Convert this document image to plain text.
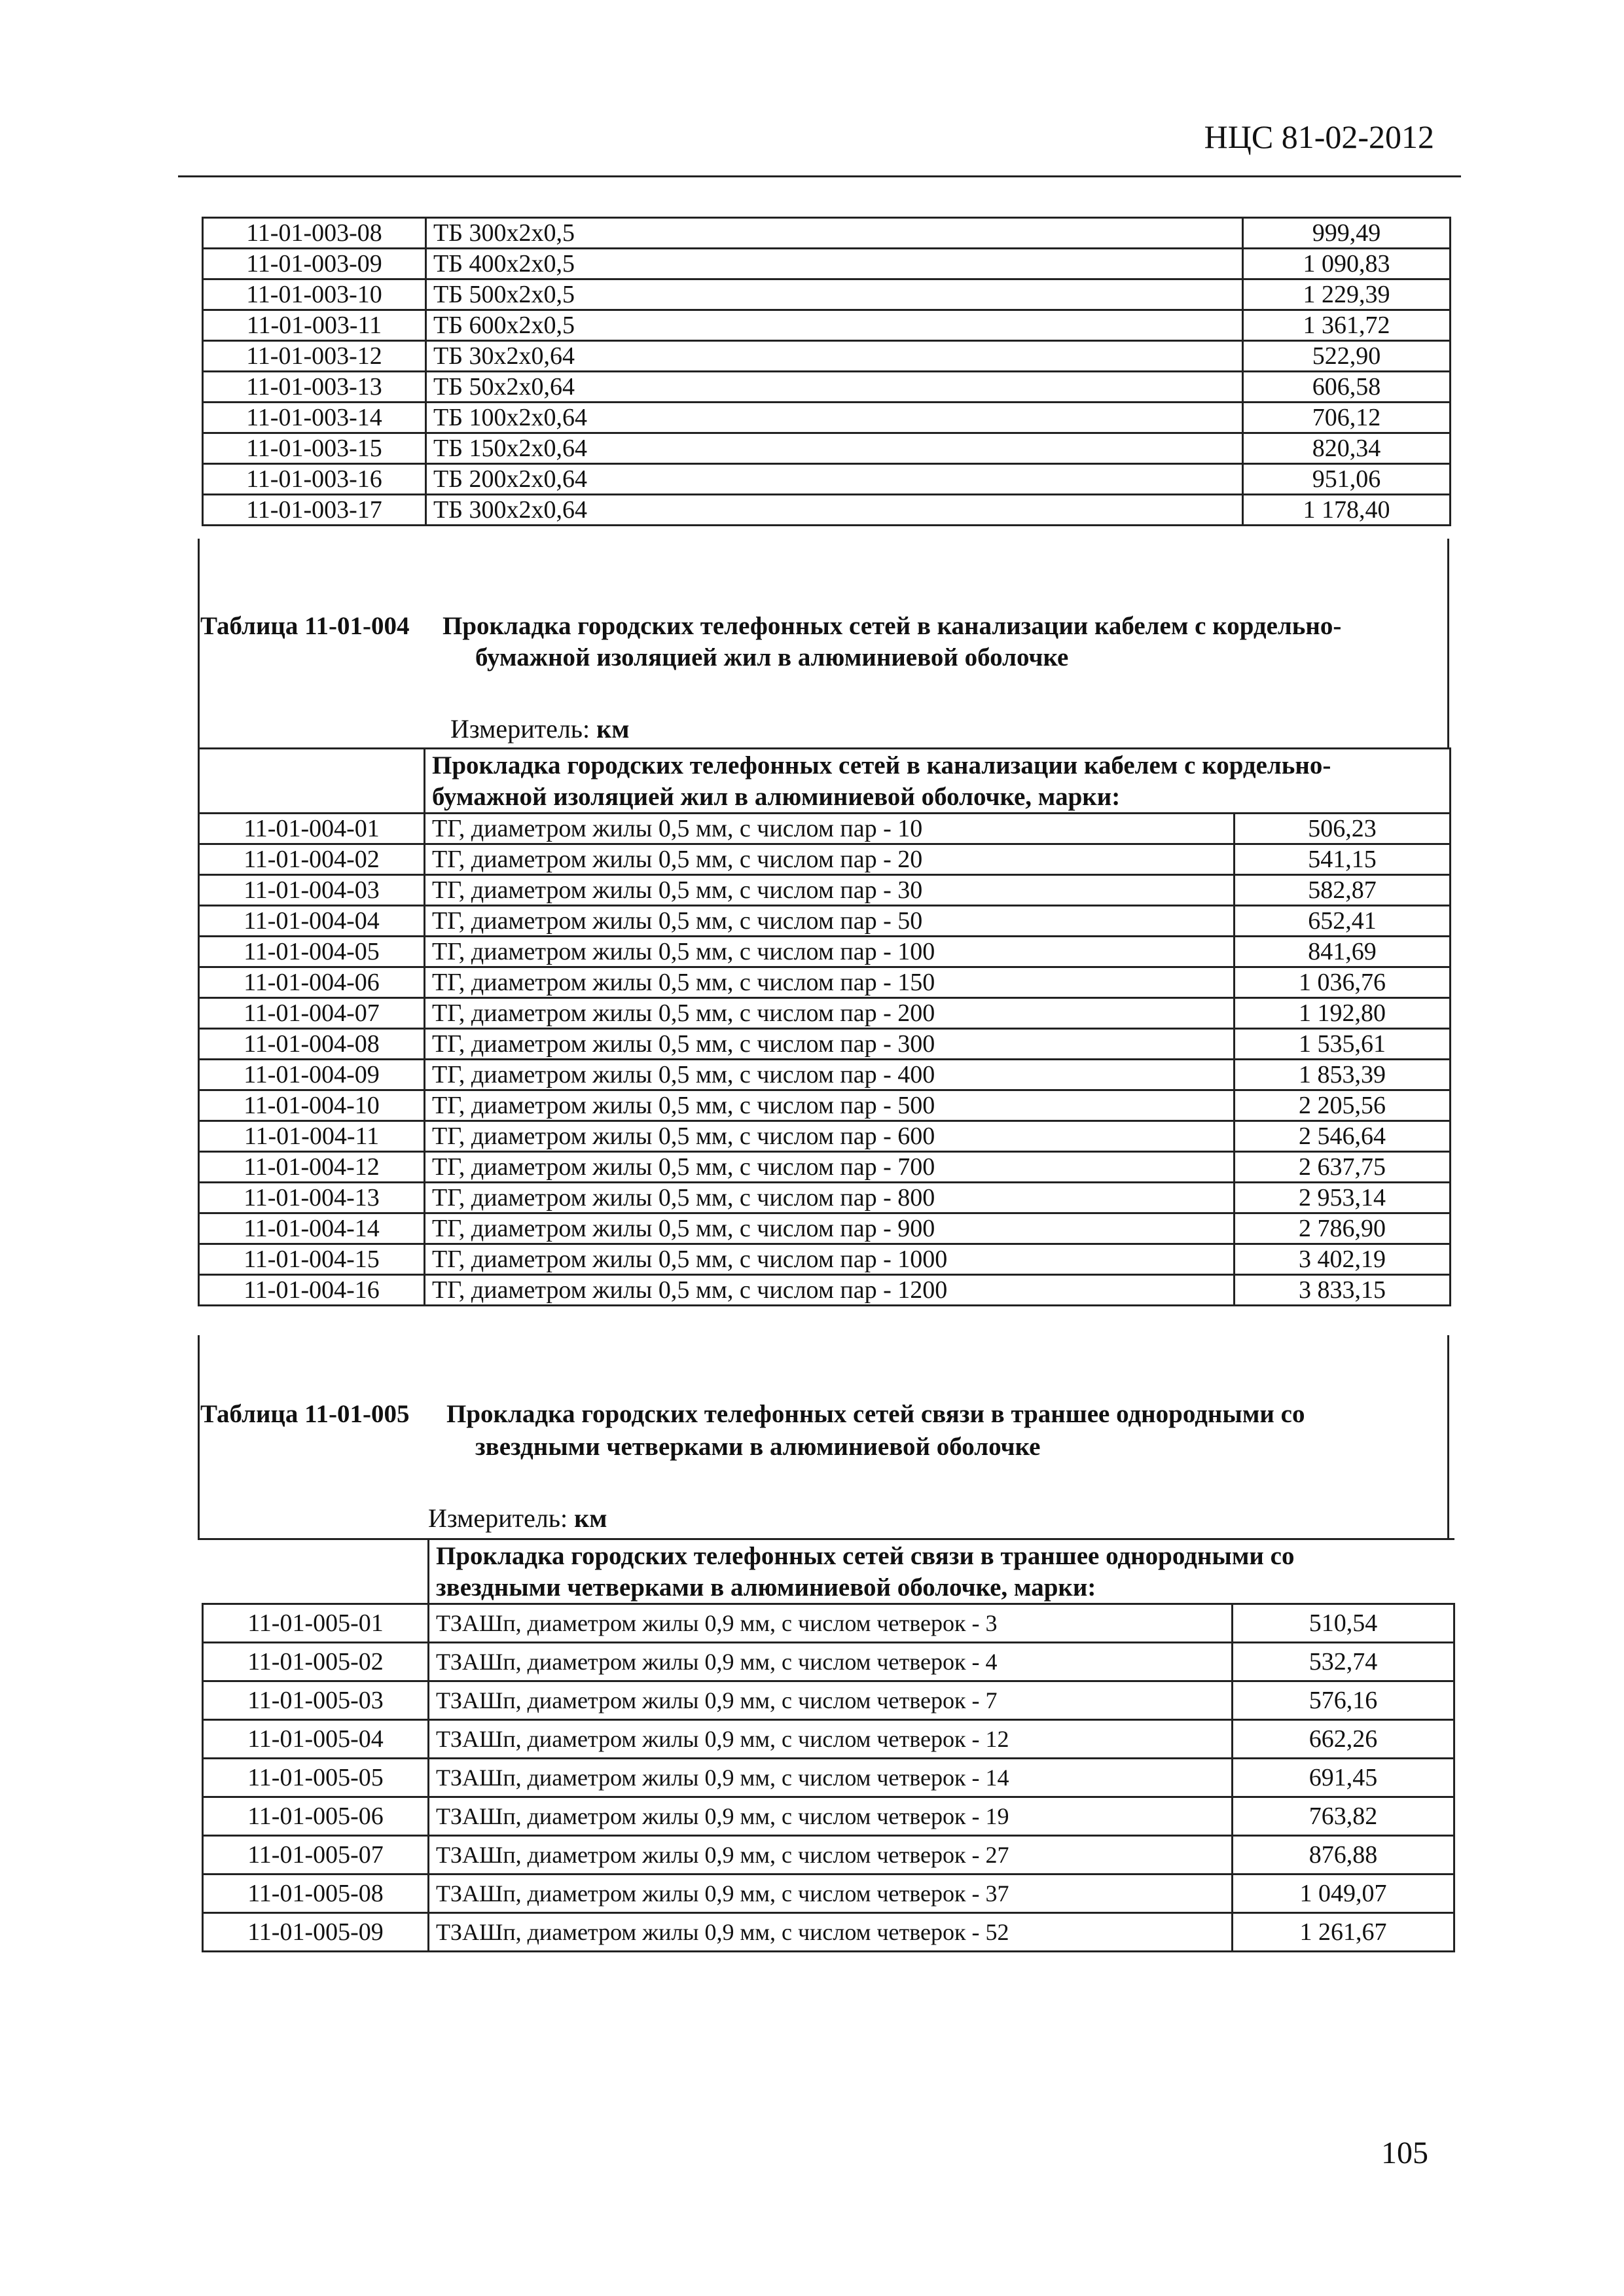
НЦС 81-02-2012
11-01-003-08	ТБ 300х2х0,5	999,49
11-01-003-09	ТБ 400х2х0,5	1 090,83
11-01-003-10	ТБ 500х2х0,5	1 229,39
11-01-003-11	ТБ 600х2х0,5	1 361,72
11-01-003-12	ТБ 30х2х0,64	522,90
11-01-003-13	ТБ 50х2х0,64	606,58
11-01-003-14	ТБ 100х2х0,64	706,12
11-01-003-15	ТБ 150х2х0,64	820,34
11-01-003-16	ТБ 200х2х0,64	951,06
11-01-003-17	ТБ 300х2х0,64	1 178,40
Таблица 11-01-004 Прокладка городских телефонных сетей в канализации кабелем с кордельно-
бумажной изоляцией жил в алюминиевой оболочке
Измеритель: км

	Прокладка городских телефонных сетей в канализации кабелем с кордельно-
бумажной изоляцией жил в алюминиевой оболочке, марки:	

11-01-004-01	ТГ, диаметром жилы 0,5 мм, с числом пар - 10	506,23
11-01-004-02	ТГ, диаметром жилы 0,5 мм, с числом пар - 20	541,15
11-01-004-03	ТГ, диаметром жилы 0,5 мм, с числом пар - 30	582,87
11-01-004-04	ТГ, диаметром жилы 0,5 мм, с числом пар - 50	652,41
11-01-004-05	ТГ, диаметром жилы 0,5 мм, с числом пар - 100	841,69
11-01-004-06	ТГ, диаметром жилы 0,5 мм, с числом пар - 150	1 036,76
11-01-004-07	ТГ, диаметром жилы 0,5 мм, с числом пар - 200	1 192,80
11-01-004-08	ТГ, диаметром жилы 0,5 мм, с числом пар - 300	1 535,61
11-01-004-09	ТГ, диаметром жилы 0,5 мм, с числом пар - 400	1 853,39
11-01-004-10	ТГ, диаметром жилы 0,5 мм, с числом пар - 500	2 205,56
11-01-004-11	ТГ, диаметром жилы 0,5 мм, с числом пар - 600	2 546,64
11-01-004-12	ТГ, диаметром жилы 0,5 мм, с числом пар - 700	2 637,75
11-01-004-13	ТГ, диаметром жилы 0,5 мм, с числом пар - 800	2 953,14
11-01-004-14	ТГ, диаметром жилы 0,5 мм, с числом пар - 900	2 786,90
11-01-004-15	ТГ, диаметром жилы 0,5 мм, с числом пар - 1000	3 402,19
11-01-004-16	ТГ, диаметром жилы 0,5 мм, с числом пар - 1200	3 833,15
Таблица 11-01-005 Прокладка городских телефонных сетей связи в траншее однородными со
звездными четверками в алюминиевой оболочке
Измеритель: км

	Прокладка городских телефонных сетей связи в траншее однородными со
звездными четверками в алюминиевой оболочке, марки:	

11-01-005-01	ТЗАШп, диаметром жилы 0,9 мм, с числом четверок - 3	510,54
11-01-005-02	ТЗАШп, диаметром жилы 0,9 мм, с числом четверок - 4	532,74
11-01-005-03	ТЗАШп, диаметром жилы 0,9 мм, с числом четверок - 7	576,16
11-01-005-04	ТЗАШп, диаметром жилы 0,9 мм, с числом четверок - 12	662,26
11-01-005-05	ТЗАШп, диаметром жилы 0,9 мм, с числом четверок - 14	691,45
11-01-005-06	ТЗАШп, диаметром жилы 0,9 мм, с числом четверок - 19	763,82
11-01-005-07	ТЗАШп, диаметром жилы 0,9 мм, с числом четверок - 27	876,88
11-01-005-08	ТЗАШп, диаметром жилы 0,9 мм, с числом четверок - 37	1 049,07
11-01-005-09	ТЗАШп, диаметром жилы 0,9 мм, с числом четверок - 52	1 261,67
105
